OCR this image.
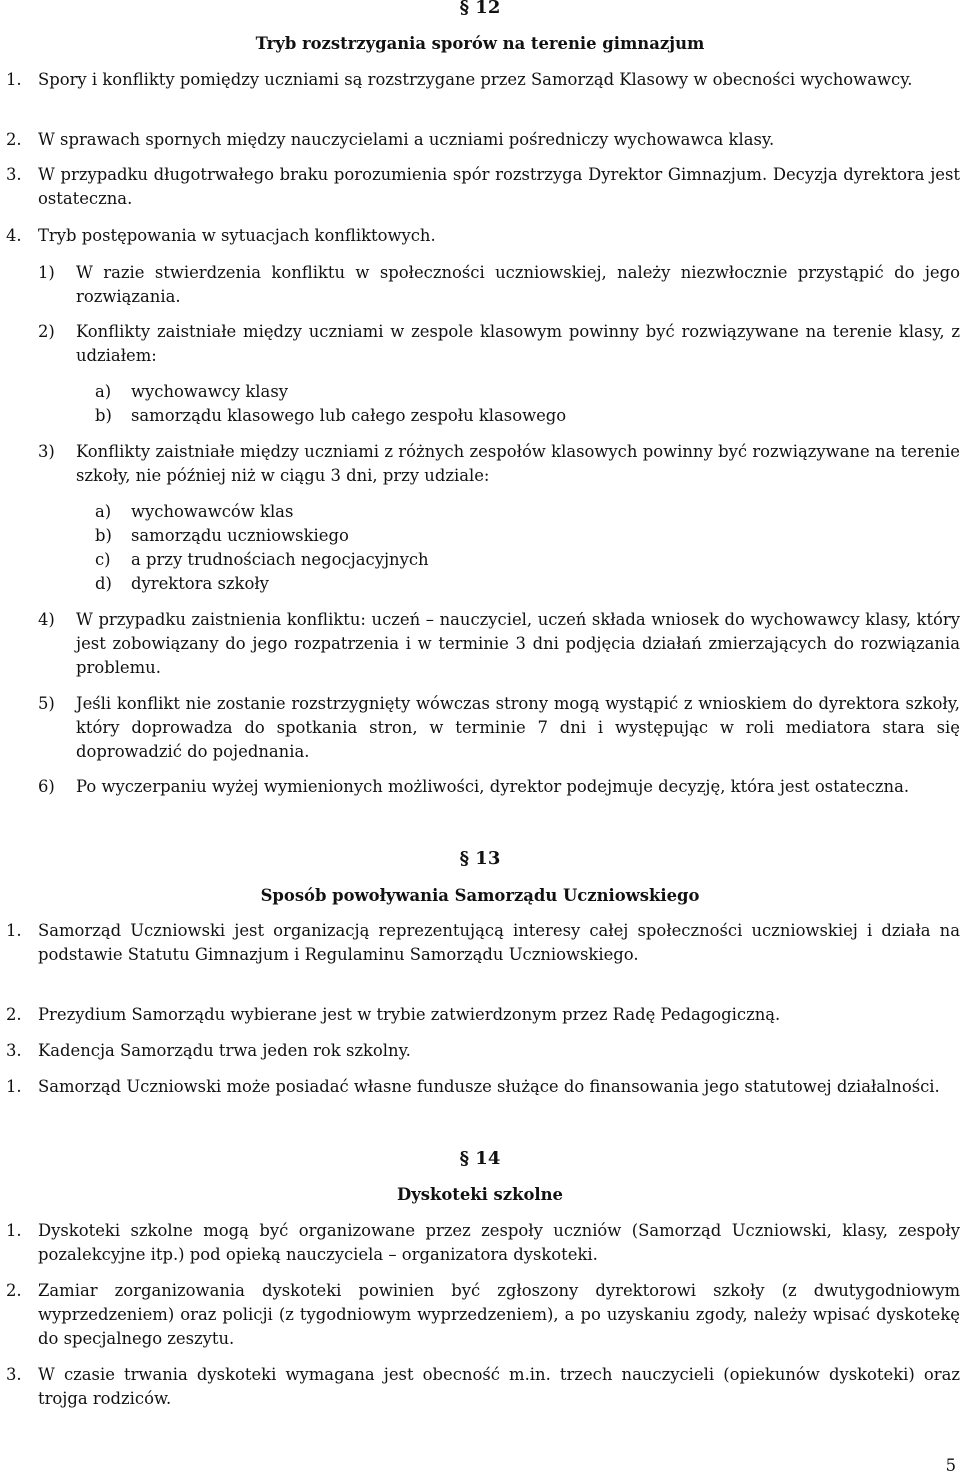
§ 12
Tryb rozstrzygania sporów na terenie gimnazjum
1. Spory i konflikty pomiędzy uczniami są rozstrzygane przez Samorząd Klasowy w obecności wychowawcy.
2. W sprawach spornych między nauczycielami a uczniami pośredniczy wychowawca klasy.
3. W przypadku długotrwałego braku porozumienia spór rozstrzyga Dyrektor Gimnazjum. Decyzja dyrektora jest ostateczna.
4. Tryb postępowania w sytuacjach konfliktowych.
1) W razie stwierdzenia konfliktu w społeczności uczniowskiej, należy niezwłocznie przystąpić do jego rozwiązania.
2) Konflikty zaistniałe między uczniami w zespole klasowym powinny być rozwiązywane na terenie klasy, z udziałem:
a) wychowawcy klasy
b) samorządu klasowego lub całego zespołu klasowego
3) Konflikty zaistniałe między uczniami z różnych zespołów klasowych powinny być rozwiązywane na terenie szkoły, nie później niż w ciągu 3 dni, przy udziale:
a) wychowawców klas
b) samorządu uczniowskiego
c) a przy trudnościach negocjacyjnych
d) dyrektora szkoły
4) W przypadku zaistnienia konfliktu: uczeń – nauczyciel, uczeń składa wniosek do wychowawcy klasy, który jest zobowiązany do jego rozpatrzenia i w terminie 3 dni podjęcia działań zmierzających do rozwiązania problemu.
5) Jeśli konflikt nie zostanie rozstrzygnięty wówczas strony mogą wystąpić z wnioskiem do dyrektora szkoły, który doprowadza do spotkania stron, w terminie 7 dni i występując w roli mediatora stara się doprowadzić do pojednania.
6) Po wyczerpaniu wyżej wymienionych możliwości, dyrektor podejmuje decyzję, która jest ostateczna.
§ 13
Sposób powoływania Samorządu Uczniowskiego
1. Samorząd Uczniowski jest organizacją reprezentującą interesy całej społeczności uczniowskiej i działa na podstawie Statutu Gimnazjum i Regulaminu Samorządu Uczniowskiego.
2. Prezydium Samorządu wybierane jest w trybie zatwierdzonym przez Radę Pedagogiczną.
3. Kadencja Samorządu trwa jeden rok szkolny.
1. Samorząd Uczniowski może posiadać własne fundusze służące do finansowania jego statutowej działalności.
§ 14
Dyskoteki szkolne
1. Dyskoteki szkolne mogą być organizowane przez zespoły uczniów (Samorząd Uczniowski, klasy, zespoły pozalekcyjne itp.) pod opieką nauczyciela – organizatora dyskoteki.
2. Zamiar zorganizowania dyskoteki powinien być zgłoszony dyrektorowi szkoły (z dwutygodniowym wyprzedzeniem) oraz policji (z tygodniowym wyprzedzeniem), a po uzyskaniu zgody, należy wpisać dyskotekę do specjalnego zeszytu.
3. W czasie trwania dyskoteki wymagana jest obecność m.in. trzech nauczycieli (opiekunów dyskoteki) oraz trojga rodziców.
5
